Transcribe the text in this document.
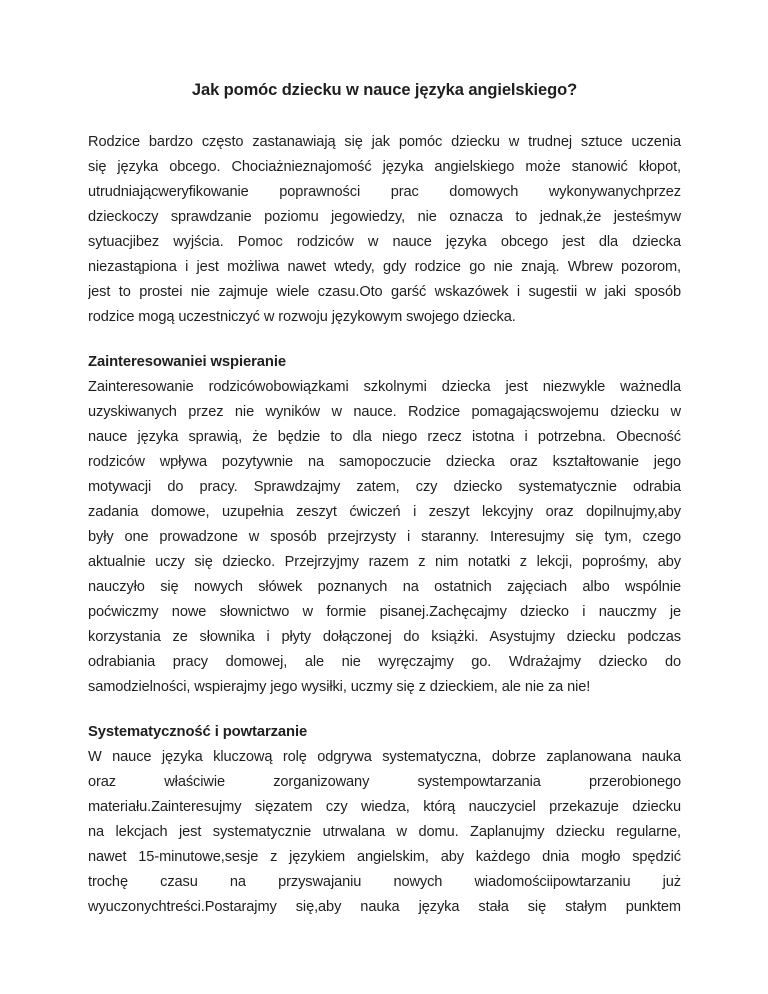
Jak pomóc dziecku w nauce języka angielskiego?
Rodzice bardzo często zastanawiają się jak pomóc dziecku w trudnej sztuce uczenia
się języka obcego. Chociażnieznajomość języka angielskiego może stanowić kłopot,
utrudniającweryfikowanie poprawności prac domowych wykonywanychprzez
dzieckoczy sprawdzanie poziomu jegowiedzy, nie oznacza to jednak,że jesteśmyw
sytuacjibez wyjścia. Pomoc rodziców w nauce języka obcego jest dla dziecka
niezastąpiona i jest możliwa nawet wtedy, gdy rodzice go nie znają. Wbrew pozorom,
jest to prostei nie zajmuje wiele czasu.Oto garść wskazówek i sugestii w jaki sposób
rodzice mogą uczestniczyć w rozwoju językowym swojego dziecka.
Zainteresowaniei wspieranie
Zainteresowanie rodzicówobowiązkami szkolnymi dziecka jest niezwykle ważnedla
uzyskiwanych przez nie wyników w nauce. Rodzice pomagającswojemu dziecku w
nauce języka sprawią, że będzie to dla niego rzecz istotna i potrzebna. Obecność
rodziców wpływa pozytywnie na samopoczucie dziecka oraz kształtowanie jego
motywacji do pracy. Sprawdzajmy zatem, czy dziecko systematycznie odrabia
zadania domowe, uzupełnia zeszyt ćwiczeń i zeszyt lekcyjny oraz dopilnujmy,aby
były one prowadzone w sposób przejrzysty i staranny. Interesujmy się tym, czego
aktualnie uczy się dziecko. Przejrzyjmy razem z nim notatki z lekcji, poprośmy, aby
nauczyło się nowych słówek poznanych na ostatnich zajęciach albo wspólnie
poćwiczmy nowe słownictwo w formie pisanej.Zachęcajmy dziecko i nauczmy je
korzystania ze słownika i płyty dołączonej do książki. Asystujmy dziecku podczas
odrabiania pracy domowej, ale nie wyręczajmy go. Wdrażajmy dziecko do
samodzielności, wspierajmy jego wysiłki, uczmy się z dzieckiem, ale nie za nie!
Systematyczność i powtarzanie
W nauce języka kluczową rolę odgrywa systematyczna, dobrze zaplanowana nauka
oraz właściwie zorganizowany systempowtarzania przerobionego
materiału.Zainteresujmy sięzatem czy wiedza, którą nauczyciel przekazuje dziecku
na lekcjach jest systematycznie utrwalana w domu. Zaplanujmy dziecku regularne,
nawet 15-minutowe,sesje z językiem angielskim, aby każdego dnia mogło spędzić
trochę czasu na przyswajaniu nowych wiadomościipowtarzaniu już
wyuczonychtreści.Postarajmy się,aby nauka języka stała się stałym punktem
